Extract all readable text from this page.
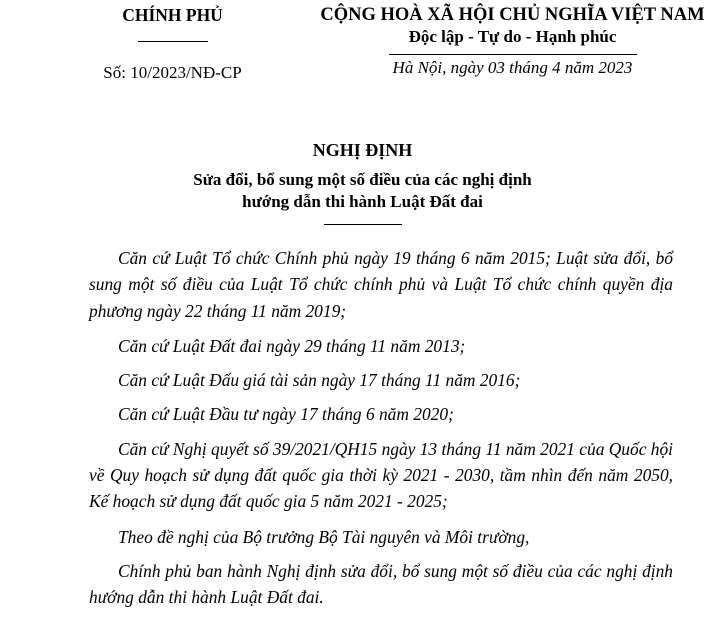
CHÍNH PHỦ
Số: 10/2023/NĐ-CP
CỘNG HOÀ XÃ HỘI CHỦ NGHĨA VIỆT NAM
Độc lập - Tự do - Hạnh phúc
Hà Nội, ngày 03 tháng 4 năm 2023
NGHỊ ĐỊNH
Sửa đổi, bổ sung một số điều của các nghị định
hướng dẫn thi hành Luật Đất đai

Căn cứ Luật Tổ chức Chính phủ ngày 19 tháng 6 năm 2015; Luật sửa đổi, bổ sung một số điều của Luật Tổ chức chính phủ và Luật Tổ chức chính quyền địa phương ngày 22 tháng 11 năm 2019;

Căn cứ Luật Đất đai ngày 29 tháng 11 năm 2013;

Căn cứ Luật Đấu giá tài sản ngày 17 tháng 11 năm 2016;

Căn cứ Luật Đầu tư ngày 17 tháng 6 năm 2020;

Căn cứ Nghị quyết số 39/2021/QH15 ngày 13 tháng 11 năm 2021 của Quốc hội về Quy hoạch sử dụng đất quốc gia thời kỳ 2021 - 2030, tầm nhìn đến năm 2050, Kế hoạch sử dụng đất quốc gia 5 năm 2021 - 2025;

Theo đề nghị của Bộ trưởng Bộ Tài nguyên và Môi trường,

Chính phủ ban hành Nghị định sửa đổi, bổ sung một số điều của các nghị định hướng dẫn thi hành Luật Đất đai.
